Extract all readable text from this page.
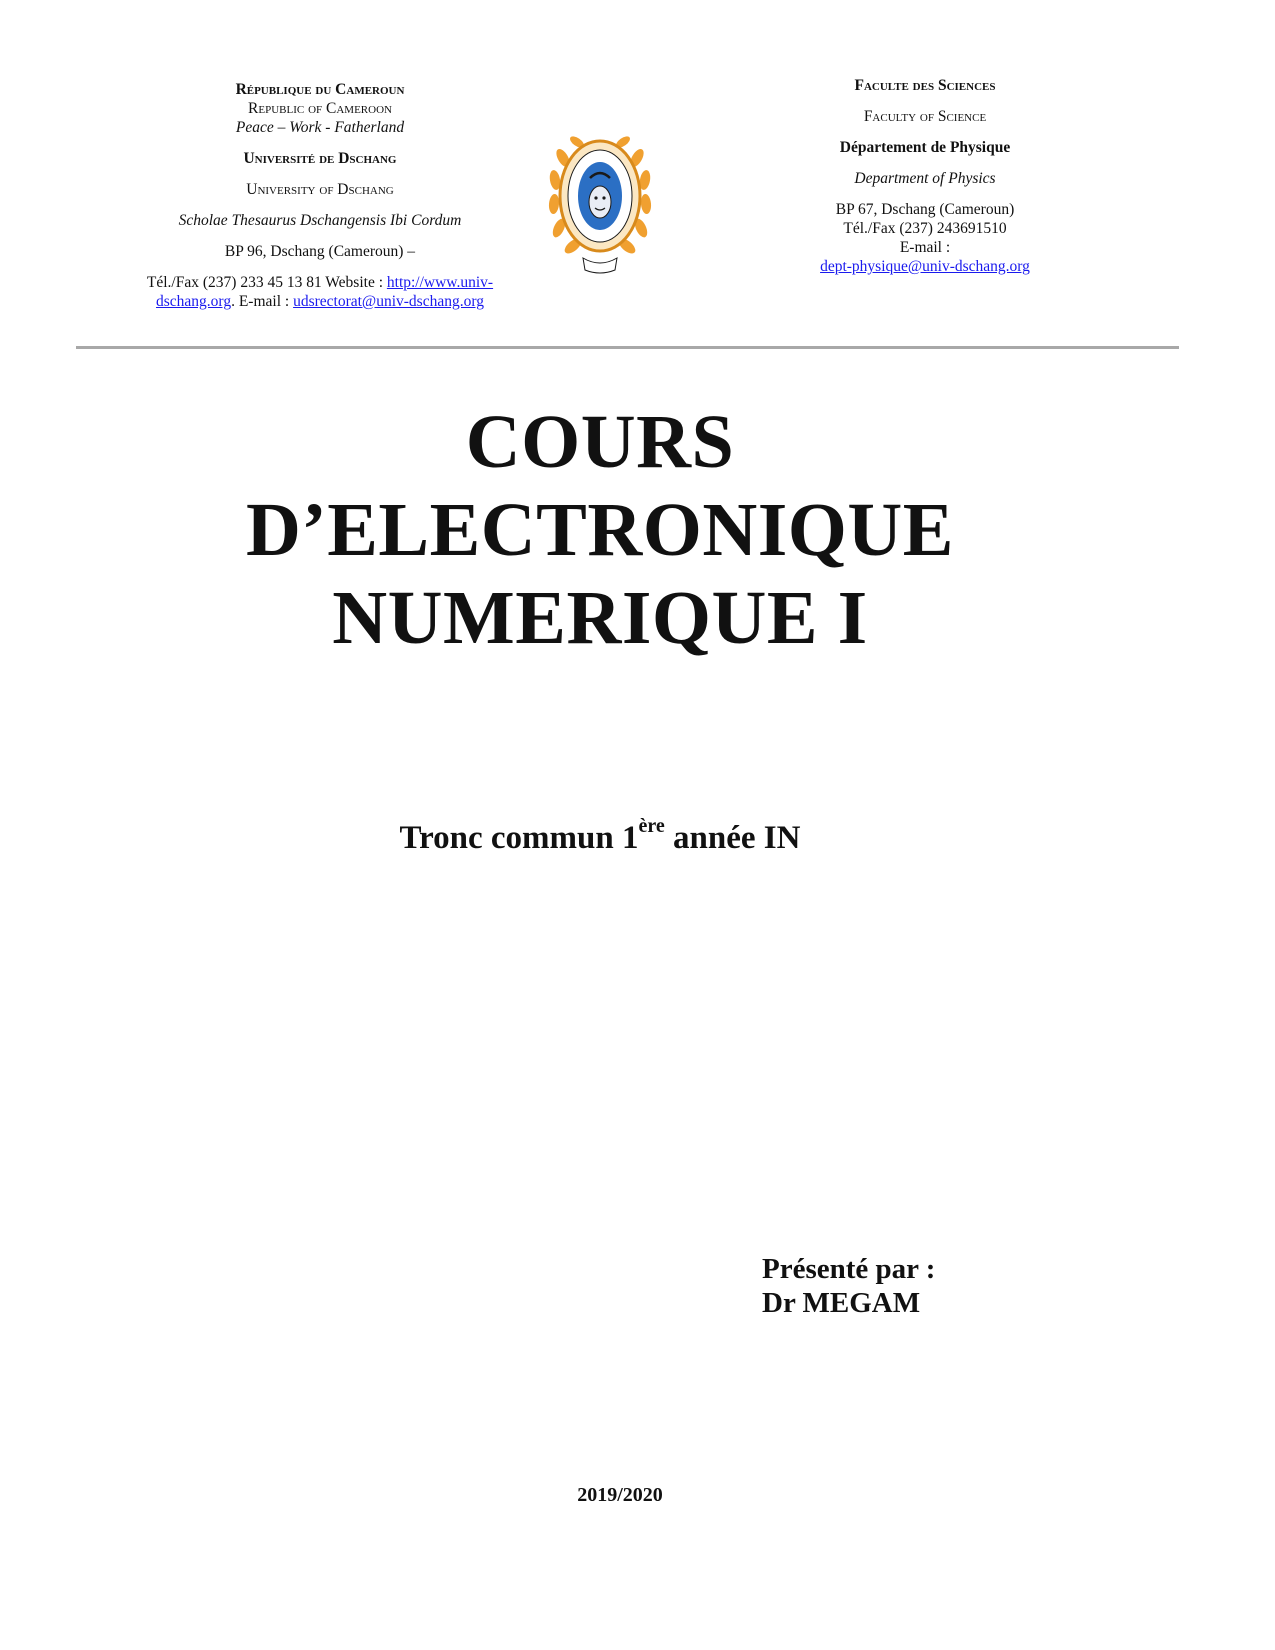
République du Cameroun
Republic of Cameroon
Peace – Work - Fatherland
Université de Dschang
University of Dschang
Scholae Thesaurus Dschangensis Ibi Cordum
BP 96, Dschang (Cameroun) –
Tél./Fax (237) 233 45 13 81 Website : http://www.univ-
dschang.org. E-mail : udsrectorat@univ-dschang.org
Faculte des Sciences
Faculty of Science
Département de Physique
Department of Physics
BP 67, Dschang (Cameroun)
Tél./Fax (237) 243691510
E-mail :
dept-physique@univ-dschang.org
COURS
D’ELECTRONIQUE
NUMERIQUE I
Tronc commun 1ère année IN
Présenté par :
Dr MEGAM
2019/2020
